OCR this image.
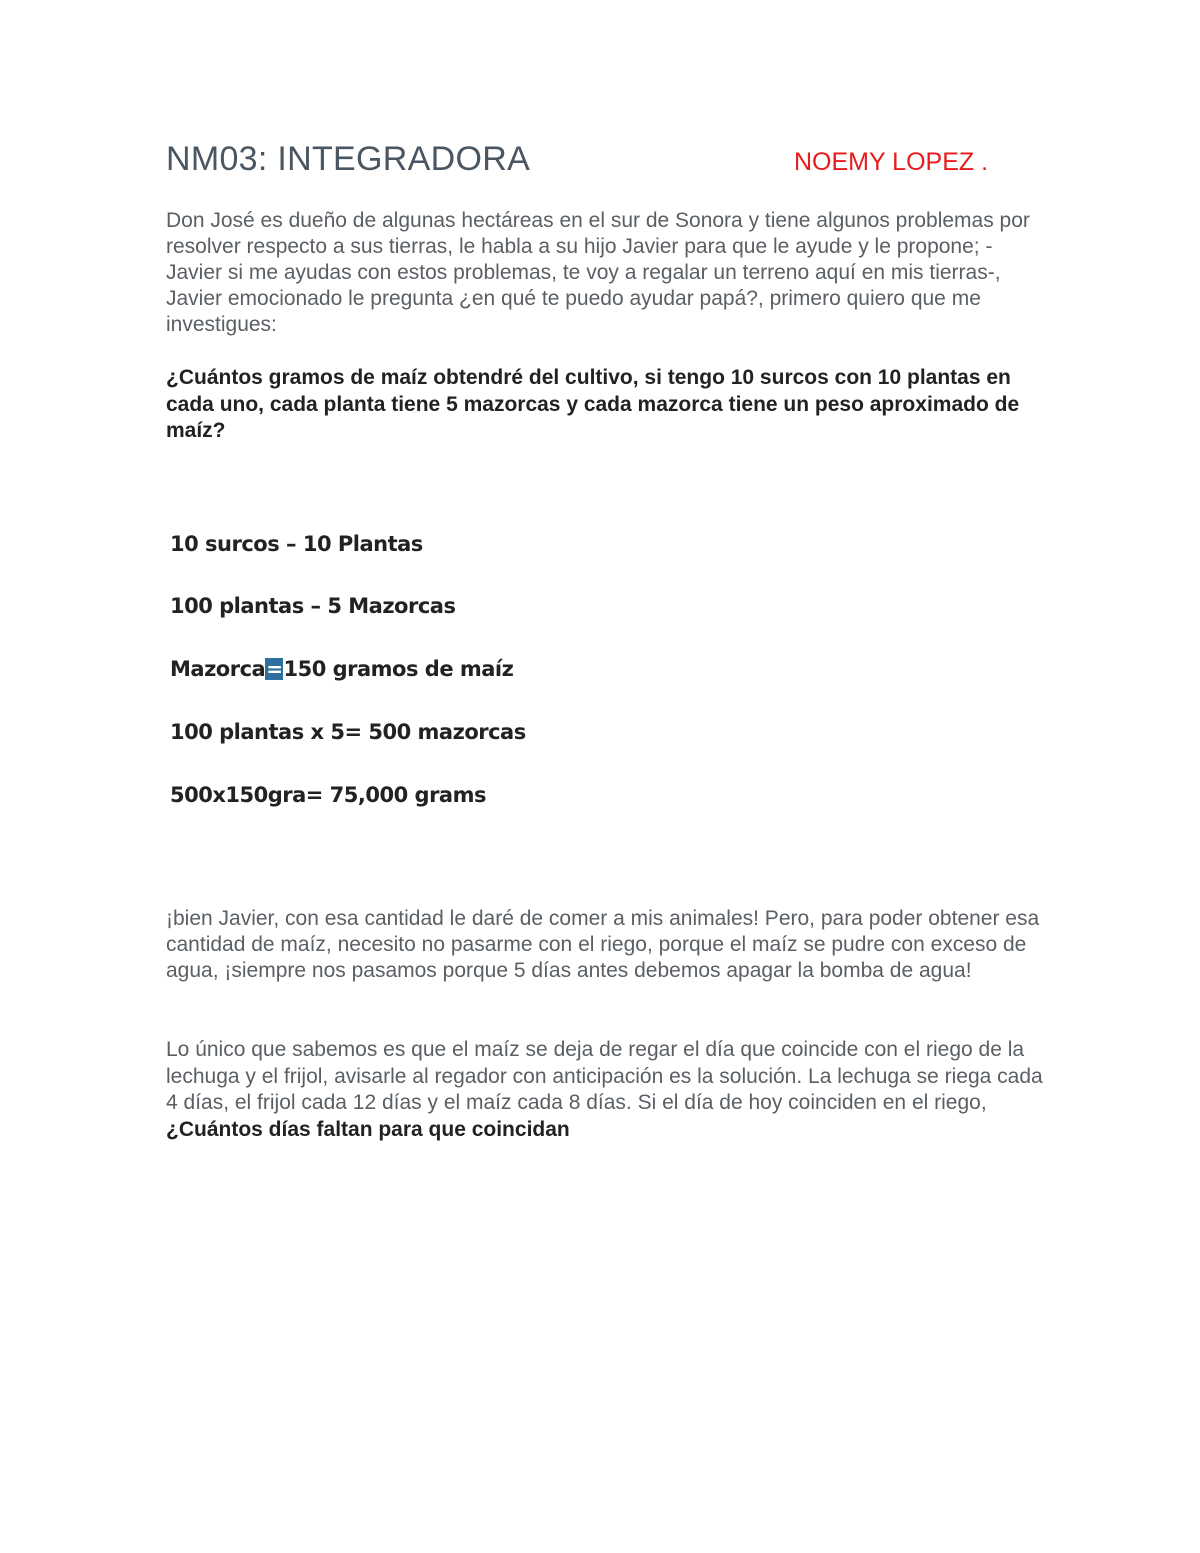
NM03: INTEGRADORA	NOEMY LOPEZ .
Don José es dueño de algunas hectáreas en el sur de Sonora y tiene algunos problemas por resolver respecto a sus tierras, le habla a su hijo Javier para que le ayude y le propone; -Javier si me ayudas con estos problemas, te voy a regalar un terreno aquí en mis tierras-, Javier emocionado le pregunta ¿en qué te puedo ayudar papá?, primero quiero que me investigues:
¿Cuántos gramos de maíz obtendré del cultivo, si tengo 10 surcos con 10 plantas en cada uno, cada planta tiene 5 mazorcas y cada mazorca tiene un peso aproximado de maíz?
10 surcos – 10 Plantas
100 plantas – 5 Mazorcas
Mazorca=150 gramos de maíz
100 plantas x 5= 500 mazorcas
500x150gra= 75,000 grams
¡bien Javier, con esa cantidad le daré de comer a mis animales! Pero, para poder obtener esa cantidad de maíz, necesito no pasarme con el riego, porque el maíz se pudre con exceso de agua, ¡siempre nos pasamos porque 5 días antes debemos apagar la bomba de agua!
Lo único que sabemos es que el maíz se deja de regar el día que coincide con el riego de la lechuga y el frijol, avisarle al regador con anticipación es la solución. La lechuga se riega cada 4 días, el frijol cada 12 días y el maíz cada 8 días. Si el día de hoy coinciden en el riego, ¿Cuántos días faltan para que coincidan
